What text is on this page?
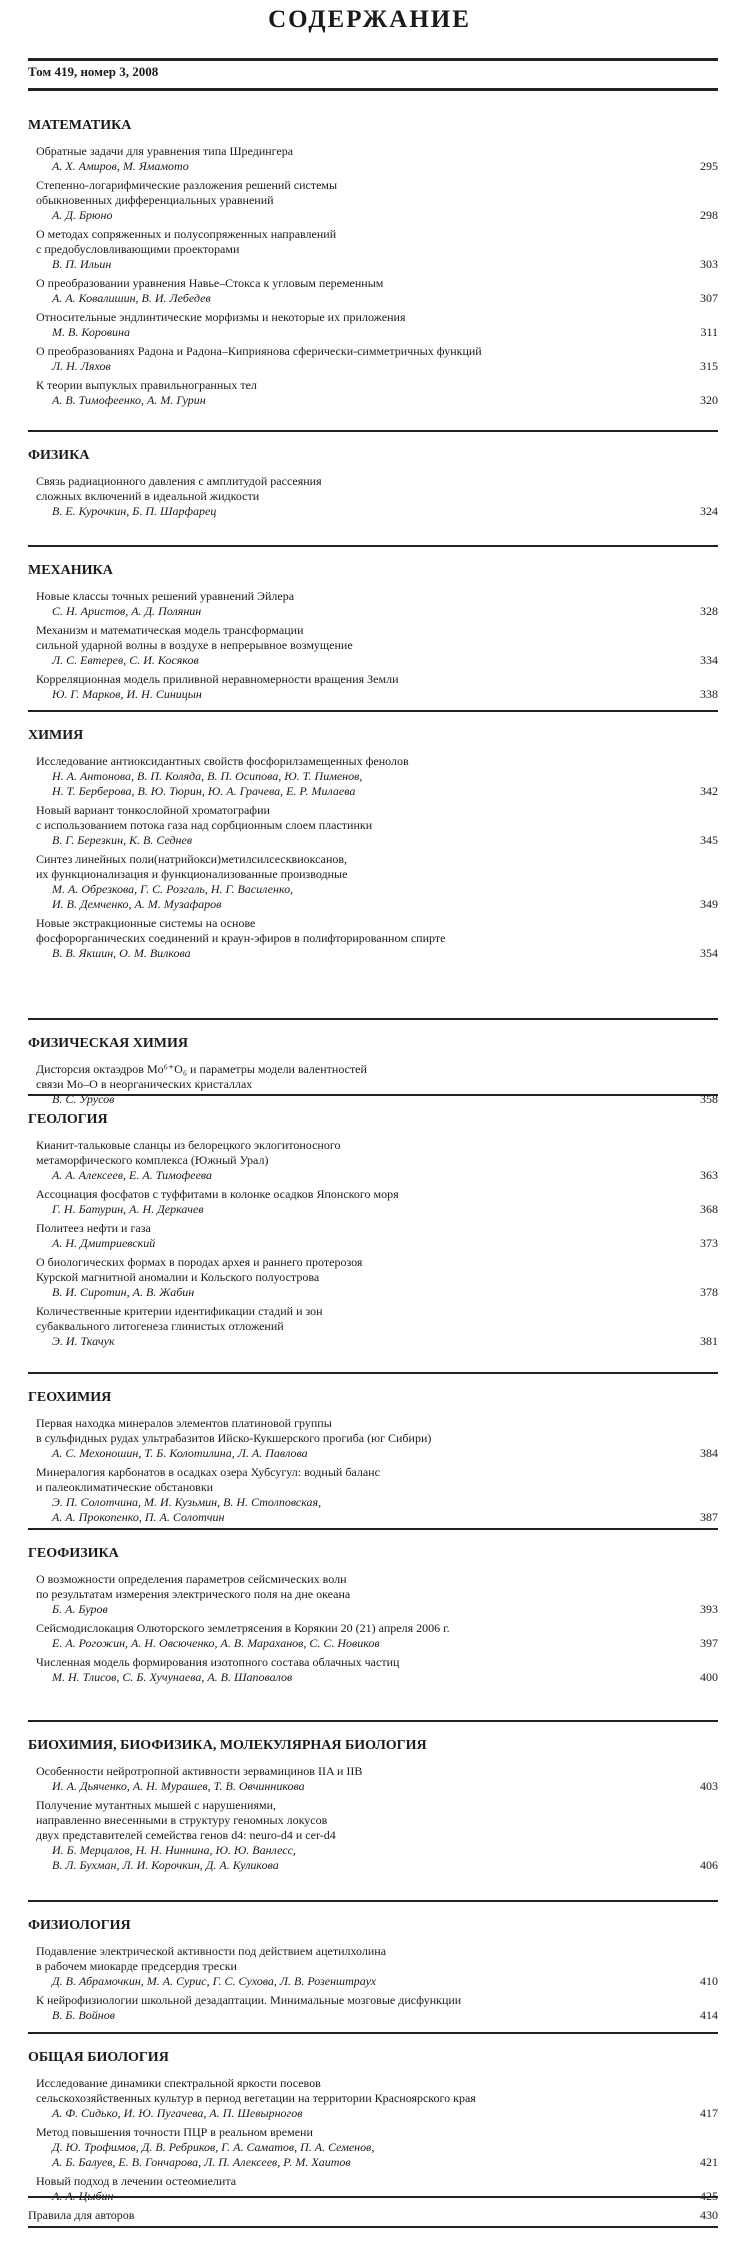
СОДЕРЖАНИЕ
Том 419, номер 3, 2008
МАТЕМАТИКА
Обратные задачи для уравнения типа Шредингера
А. Х. Амиров, М. Ямамото	295
Степенно-логарифмические разложения решений системы
обыкновенных дифференциальных уравнений
А. Д. Брюно	298
О методах сопряженных и полусопряженных направлений
с предобусловливающими проекторами
В. П. Ильин	303
О преобразовании уравнения Навье–Стокса к угловым переменным
А. А. Ковалишин, В. И. Лебедев	307
Относительные эндлинтические морфизмы и некоторые их приложения
М. В. Коровина	311
О преобразованиях Радона и Радона–Киприянова сферически-симметричных функций
Л. Н. Ляхов	315
К теории выпуклых правильногранных тел
А. В. Тимофеенко, А. М. Гурин	320
ФИЗИКА
Связь радиационного давления с амплитудой рассеяния
сложных включений в идеальной жидкости
В. Е. Курочкин, Б. П. Шарфарец	324
МЕХАНИКА
Новые классы точных решений уравнений Эйлера
С. Н. Аристов, А. Д. Полянин	328
Механизм и математическая модель трансформации
сильной ударной волны в воздухе в непрерывное возмущение
Л. С. Евтерев, С. И. Косяков	334
Корреляционная модель приливной неравномерности вращения Земли
Ю. Г. Марков, И. Н. Синицын	338
ХИМИЯ
Исследование антиоксидантных свойств фосфорилзамещенных фенолов
Н. А. Антонова, В. П. Коляда, В. П. Осипова, Ю. Т. Пименов,
Н. Т. Берберова, В. Ю. Тюрин, Ю. А. Грачева, Е. Р. Милаева	342
Новый вариант тонкослойной хроматографии
с использованием потока газа над сорбционным слоем пластинки
В. Г. Березкин, К. В. Седнев	345
Синтез линейных поли(натрийокси)метилсилсесквиоксанов,
их функционализация и функционализованные производные
М. А. Обрезкова, Г. С. Розгаль, Н. Г. Василенко,
И. В. Демченко, А. М. Музафаров	349
Новые экстракционные системы на основе
фосфорорганических соединений и краун-эфиров в полифторированном спирте
В. В. Якшин, О. М. Вилкова	354
ФИЗИЧЕСКАЯ ХИМИЯ
Дисторсия октаэдров Mo⁶⁺O₆ и параметры модели валентностей
связи Mo–O в неорганических кристаллах
В. С. Урусов	358
ГЕОЛОГИЯ
Кианит-тальковые сланцы из белорецкого эклогитоносного
метаморфического комплекса (Южный Урал)
А. А. Алексеев, Е. А. Тимофеева	363
Ассоциация фосфатов с туффитами в колонке осадков Японского моря
Г. Н. Батурин, А. Н. Деркачев	368
Политеез нефти и газа
А. Н. Дмитриевский	373
О биологических формах в породах архея и раннего протерозоя
Курской магнитной аномалии и Кольского полуострова
В. И. Сиротин, А. В. Жабин	378
Количественные критерии идентификации стадий и зон
субаквального литогенеза глинистых отложений
Э. И. Ткачук	381
ГЕОХИМИЯ
Первая находка минералов элементов платиновой группы
в сульфидных рудах ультрабазитов Ийско-Кукшерского прогиба (юг Сибири)
А. С. Мехоношин, Т. Б. Колотилина, Л. А. Павлова	384
Минералогия карбонатов в осадках озера Хубсугул: водный баланс
и палеоклиматические обстановки
Э. П. Солотчина, М. И. Кузьмин, В. Н. Столповская,
А. А. Прокопенко, П. А. Солотчин	387
ГЕОФИЗИКА
О возможности определения параметров сейсмических волн
по результатам измерения электрического поля на дне океана
Б. А. Буров	393
Сейсмодислокация Олюторского землетрясения в Корякии 20 (21) апреля 2006 г.
Е. А. Рогожин, А. Н. Овсюченко, А. В. Мараханов, С. С. Новиков	397
Численная модель формирования изотопного состава облачных частиц
М. Н. Тлисов, С. Б. Хучунаева, А. В. Шаповалов	400
БИОХИМИЯ, БИОФИЗИКА, МОЛЕКУЛЯРНАЯ БИОЛОГИЯ
Особенности нейротропной активности зервамицинов IIA и IIB
И. А. Дьяченко, А. Н. Мурашев, Т. В. Овчинникова	403
Получение мутантных мышей с нарушениями,
направленно внесенными в структуру геномных локусов
двух представителей семейства генов d4: neuro-d4 и cer-d4
И. Б. Мерцалов, Н. Н. Ниннина, Ю. Ю. Ванлесс,
В. Л. Бухман, Л. И. Корочкин, Д. А. Куликова	406
ФИЗИОЛОГИЯ
Подавление электрической активности под действием ацетилхолина
в рабочем миокарде предсердия трески
Д. В. Абрамочкин, М. А. Сурис, Г. С. Сухова, Л. В. Розенштраух	410
К нейрофизиологии школьной дезадаптации. Минимальные мозговые дисфункции
В. Б. Войнов	414
ОБЩАЯ БИОЛОГИЯ
Исследование динамики спектральной яркости посевов
сельскохозяйственных культур в период вегетации на территории Красноярского края
А. Ф. Сидько, И. Ю. Пугачева, А. П. Шевырногов	417
Метод повышения точности ПЦР в реальном времени
Д. Ю. Трофимов, Д. В. Ребриков, Г. А. Саматов, П. А. Семенов,
А. Б. Балуев, Е. В. Гончарова, Л. П. Алексеев, Р. М. Хаитов	421
Новый подход в лечении остеомиелита
А. А. Цыбин	425
Правила для авторов	430
